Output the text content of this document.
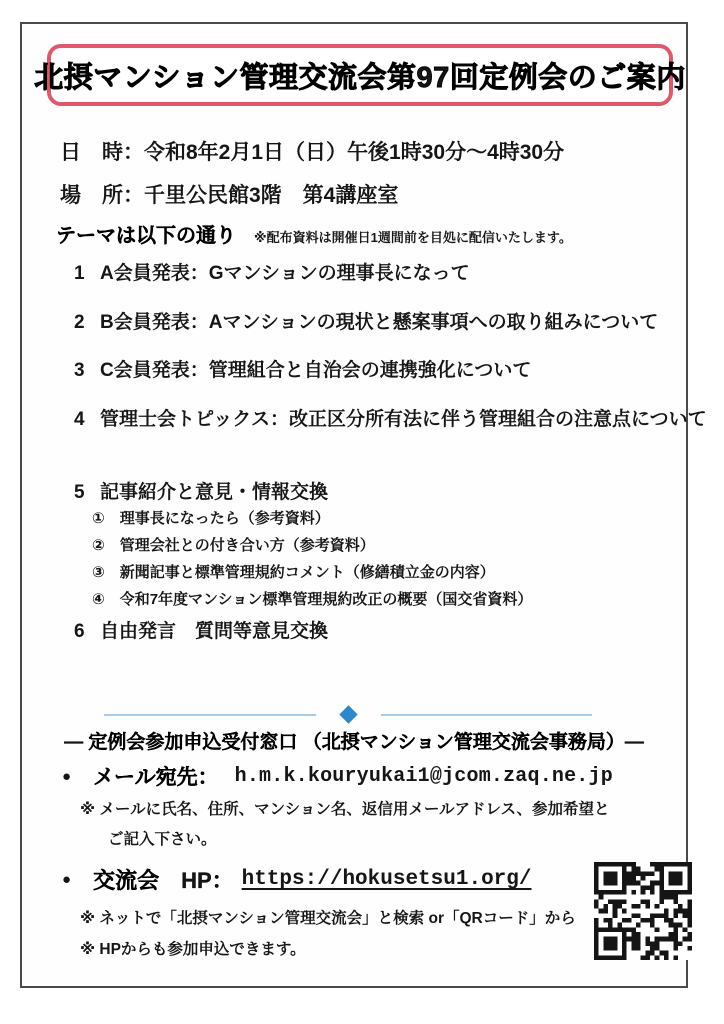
北摂マンション管理交流会第97回定例会のご案内
日　時：令和8年2月1日（日）午後1時30分～4時30分
場　所：千里公民館3階　第4講座室
テーマは以下の通り ※配布資料は開催日1週間前を目処に配信いたします。
1 A会員発表：Gマンションの理事長になって
2 B会員発表：Aマンションの現状と懸案事項への取り組みについて
3 C会員発表：管理組合と自治会の連携強化について
4 管理士会トピックス：改正区分所有法に伴う管理組合の注意点について
5 記事紹介と意見・情報交換
①　理事長になったら（参考資料）
②　管理会社との付き合い方（参考資料）
③　新聞記事と標準管理規約コメント（修繕積立金の内容）
④　令和7年度マンション標準管理規約改正の概要（国交省資料）
6 自由発言　質問等意見交換
― 定例会参加申込受付窓口 （北摂マンション管理交流会事務局）―
● メール宛先： h.m.k.kouryukai1@jcom.zaq.ne.jp
※ メールに氏名、住所、マンション名、返信用メールアドレス、参加希望と
ご記入下さい。
● 交流会　HP： https://hokusetsu1.org/
※ ネットで「北摂マンション管理交流会」と検索 or「QRコード」から
※ HPからも参加申込できます。
